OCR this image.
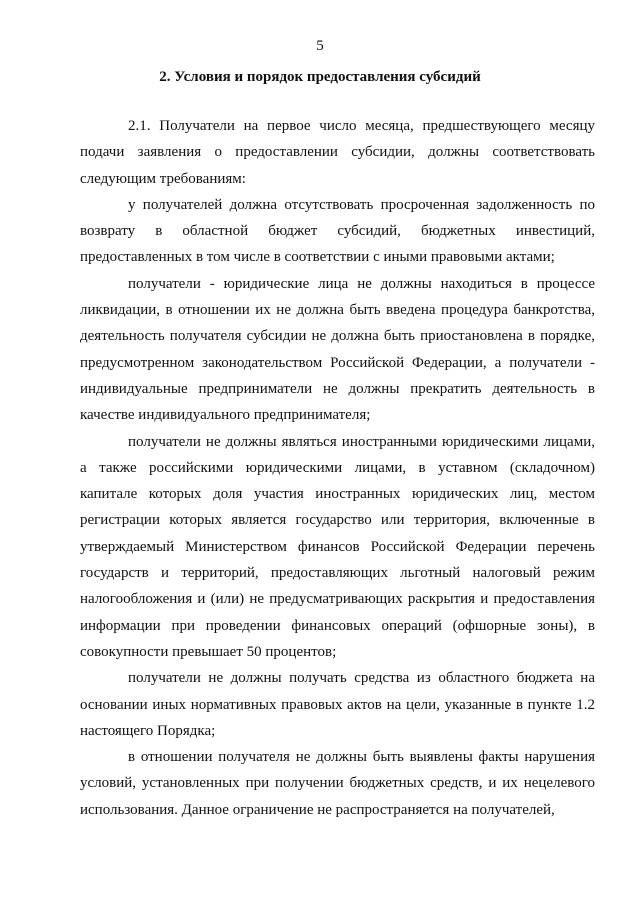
5
2. Условия и порядок предоставления субсидий

2.1. Получатели на первое число месяца, предшествующего месяцу подачи заявления о предоставлении субсидии, должны соответствовать следующим требованиям:

у получателей должна отсутствовать просроченная задолженность по возврату в областной бюджет субсидий, бюджетных инвестиций, предоставленных в том числе в соответствии с иными правовыми актами;

получатели - юридические лица не должны находиться в процессе ликвидации, в отношении их не должна быть введена процедура банкротства, деятельность получателя субсидии не должна быть приостановлена в порядке, предусмотренном законодательством Российской Федерации, а получатели - индивидуальные предприниматели не должны прекратить деятельность в качестве индивидуального предпринимателя;

получатели не должны являться иностранными юридическими лицами, а также российскими юридическими лицами, в уставном (складочном) капитале которых доля участия иностранных юридических лиц, местом регистрации которых является государство или территория, включенные в утверждаемый Министерством финансов Российской Федерации перечень государств и территорий, предоставляющих льготный налоговый режим налогообложения и (или) не предусматривающих раскрытия и предоставления информации при проведении финансовых операций (офшорные зоны), в совокупности превышает 50 процентов;

получатели не должны получать средства из областного бюджета на основании иных нормативных правовых актов на цели, указанные в пункте 1.2 настоящего Порядка;

в отношении получателя не должны быть выявлены факты нарушения условий, установленных при получении бюджетных средств, и их нецелевого использования. Данное ограничение не распространяется на получателей,
